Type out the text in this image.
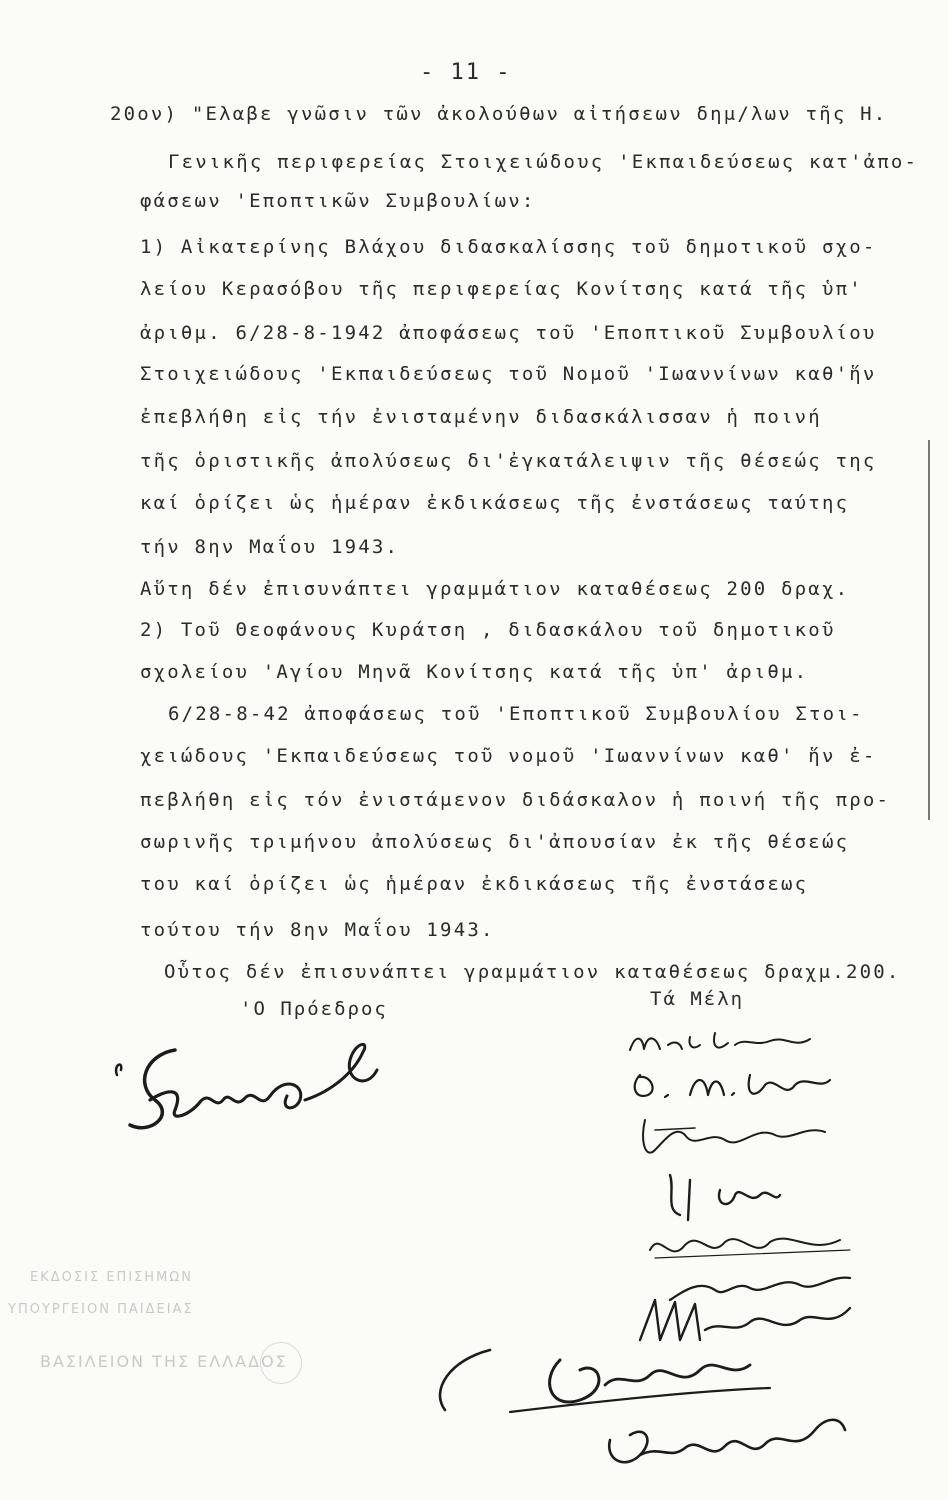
- 11 -
20ον) "Ελαβε γνῶσιν τῶν ἀκολούθων αἰτήσεων δημ/λων τῆς Η.
Γενικῆς περιφερείας Στοιχειώδους 'Εκπαιδεύσεως κατ'ἀπο-
φάσεων 'Εποπτικῶν Συμβουλίων:
1) Αἰκατερίνης Βλάχου διδασκαλίσσης τοῦ δημοτικοῦ σχο-
λείου Κερασόβου τῆς περιφερείας Κονίτσης κατά τῆς ὑπ'
ἀριθμ. 6/28-8-1942 ἀποφάσεως τοῦ 'Εποπτικοῦ Συμβουλίου
Στοιχειώδους 'Εκπαιδεύσεως τοῦ Νομοῦ 'Ιωαννίνων καθ'ἥν
ἐπεβλήθη εἰς τήν ἐνισταμένην διδασκάλισσαν ἡ ποινή
τῆς ὁριστικῆς ἀπολύσεως δι'ἐγκατάλειψιν τῆς θέσεώς της
καί ὁρίζει ὡς ἡμέραν ἐκδικάσεως τῆς ἐνστάσεως ταύτης
τήν 8ην Μαΐου 1943.
Αὕτη δέν ἐπισυνάπτει γραμμάτιον καταθέσεως 200 δραχ.
2) Τοῦ Θεοφάνους Κυράτση , διδασκάλου τοῦ δημοτικοῦ
σχολείου 'Αγίου Μηνᾶ Κονίτσης κατά τῆς ὑπ' ἀριθμ.
6/28-8-42 ἀποφάσεως τοῦ 'Εποπτικοῦ Συμβουλίου Στοι-
χειώδους 'Εκπαιδεύσεως τοῦ νομοῦ 'Ιωαννίνων καθ' ἥν ἐ-
πεβλήθη εἰς τόν ἐνιστάμενον διδάσκαλον ἡ ποινή τῆς προ-
σωρινῆς τριμήνου ἀπολύσεως δι'ἀπουσίαν ἐκ τῆς θέσεώς
του καί ὁρίζει ὡς ἡμέραν ἐκδικάσεως τῆς ἐνστάσεως
τούτου τήν 8ην Μαΐου 1943.
Οὗτος δέν ἐπισυνάπτει γραμμάτιον καταθέσεως δραχμ.200.
'Ο Πρόεδρος	Τά Μέλη
ΕΚΔΟΣΙΣ ΕΠΙΣΗΜΩΝ
ΥΠΟΥΡΓΕΙΟΝ ΠΑΙΔΕΙΑΣ
ΒΑΣΙΛΕΙΟΝ ΤΗΣ ΕΛΛΑΔΟΣ
